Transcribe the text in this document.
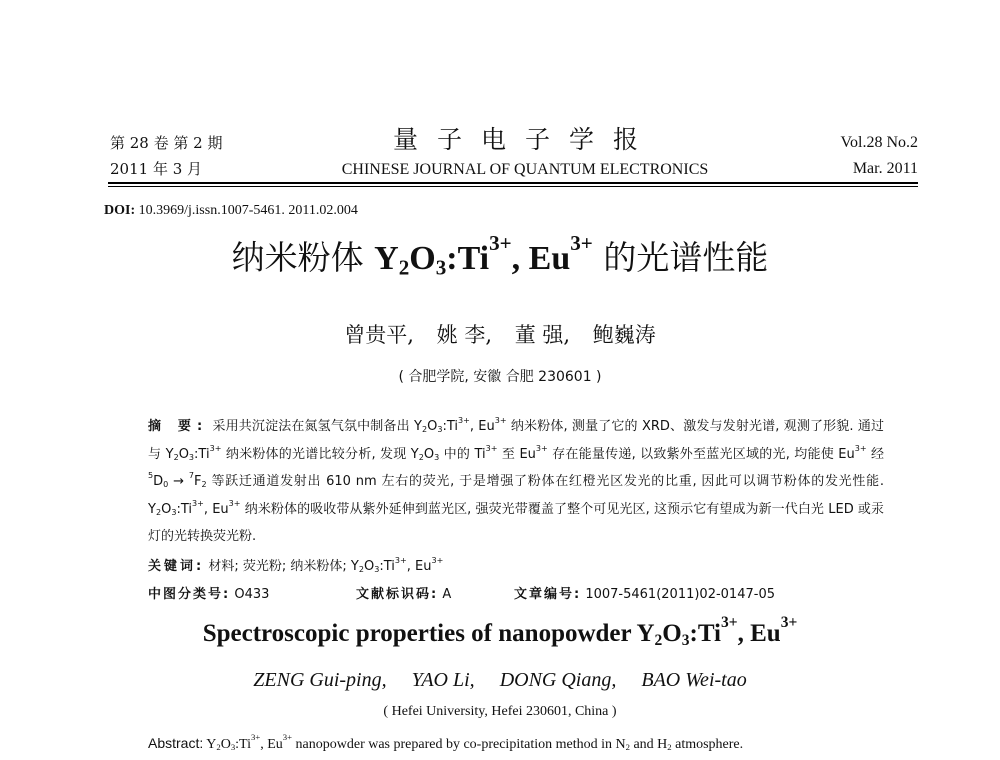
第 28 卷 第 2 期
2011 年 3 月
量子电子学报
CHINESE JOURNAL OF QUANTUM ELECTRONICS
Vol.28 No.2
Mar. 2011
DOI: 10.3969/j.issn.1007-5461. 2011.02.004
纳米粉体 $Y_2O_3:Ti^{3+}$, $Eu^{3+}$ 的光谱性能
曾贵平, 姚 李, 董 强, 鲍巍涛
( 合肥学院, 安徽 合肥 230601 )
摘 要: 采用共沉淀法在氮氢气氛中制备出 $Y_2O_3:Ti^{3+}$, $Eu^{3+}$ 纳米粉体, 测量了它的 XRD、激发与发射光谱, 观测了形貌. 通过与 $Y_2O_3:Ti^{3+}$ 纳米粉体的光谱比较分析, 发现 $Y_2O_3$ 中的 $Ti^{3+}$ 至 $Eu^{3+}$ 存在能量传递, 以致紫外至蓝光区域的光, 均能使 $Eu^{3+}$ 经 $^5D_0 \to ^7F_2$ 等跃迁通道发射出 610 nm 左右的荧光, 于是增强了粉体在红橙光区发光的比重, 因此可以调节粉体的发光性能. $Y_2O_3:Ti^{3+}$, $Eu^{3+}$ 纳米粉体的吸收带从紫外延伸到蓝光区, 强荧光带覆盖了整个可见光区, 这预示它有望成为新一代白光 LED 或汞灯的光转换荧光粉.
关键词: 材料; 荧光粉; 纳米粉体; $Y_2O_3:Ti^{3+}$, $Eu^{3+}$
中图分类号: O433	文献标识码: A	文章编号: 1007-5461(2011)02-0147-05
Spectroscopic properties of nanopowder $Y_2O_3:Ti^{3+}$, $Eu^{3+}$
ZENG Gui-ping, YAO Li, DONG Qiang, BAO Wei-tao
( Hefei University, Hefei 230601, China )
Abstract: $Y_2O_3:Ti^{3+}$, $Eu^{3+}$ nanopowder was prepared by co-precipitation method in $N_2$ and $H_2$ atmosphere.
